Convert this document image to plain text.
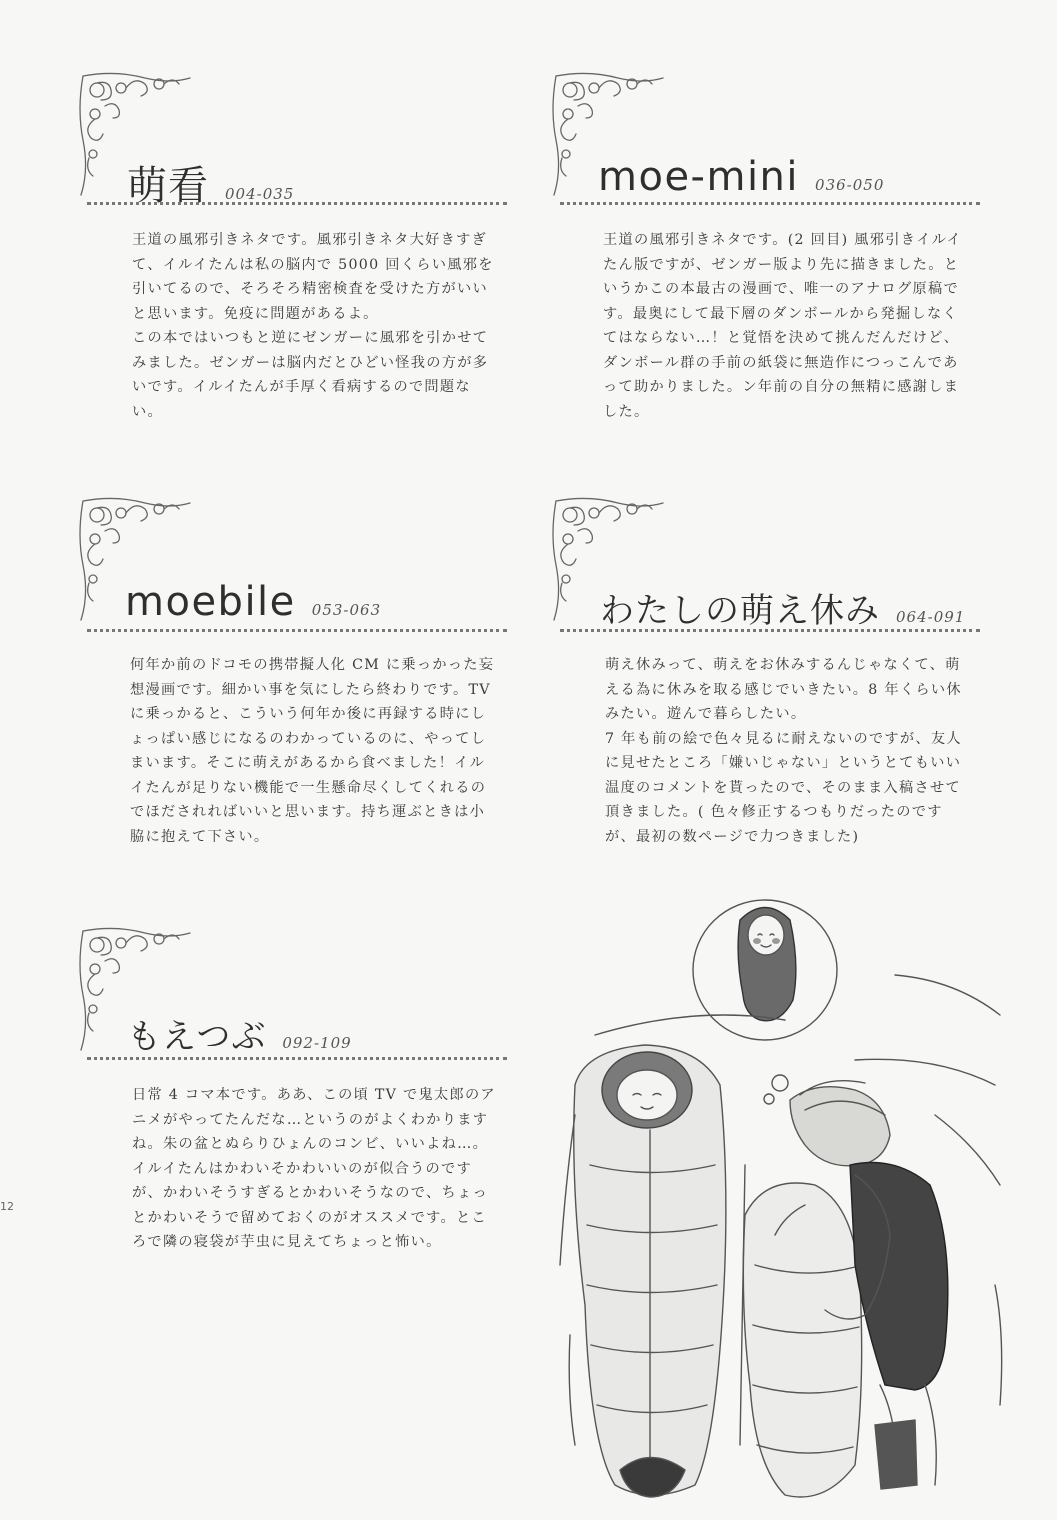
萌看 004-035

王道の風邪引きネタです。風邪引きネタ大好きすぎて、イルイたんは私の脳内で 5000 回くらい風邪を引いてるので、そろそろ精密検査を受けた方がいいと思います。免疫に問題があるよ。

この本ではいつもと逆にゼンガーに風邪を引かせてみました。ゼンガーは脳内だとひどい怪我の方が多いです。イルイたんが手厚く看病するので問題ない。

moe-mini 036-050

王道の風邪引きネタです。(2 回目) 風邪引きイルイたん版ですが、ゼンガー版より先に描きました。というかこの本最古の漫画で、唯一のアナログ原稿です。最奥にして最下層のダンボールから発掘しなくてはならない…！と覚悟を決めて挑んだんだけど、ダンボール群の手前の紙袋に無造作につっこんであって助かりました。ン年前の自分の無精に感謝しました。

moebile 053-063

何年か前のドコモの携帯擬人化 CM に乗っかった妄想漫画です。細かい事を気にしたら終わりです。TV に乗っかると、こういう何年か後に再録する時にしょっぱい感じになるのわかっているのに、やってしまいます。そこに萌えがあるから食べました！イルイたんが足りない機能で一生懸命尽くしてくれるのでほだされればいいと思います。持ち運ぶときは小脇に抱えて下さい。

わたしの萌え休み 064-091

萌え休みって、萌えをお休みするんじゃなくて、萌える為に休みを取る感じでいきたい。8 年くらい休みたい。遊んで暮らしたい。

7 年も前の絵で色々見るに耐えないのですが、友人に見せたところ「嫌いじゃない」というとてもいい温度のコメントを貰ったので、そのまま入稿させて頂きました。( 色々修正するつもりだったのですが、最初の数ページで力つきました)

もえつぶ 092-109

日常 4 コマ本です。ああ、この頃 TV で鬼太郎のアニメがやってたんだな…というのがよくわかりますね。朱の盆とぬらりひょんのコンビ、いいよね…。

イルイたんはかわいそかわいいのが似合うのですが、かわいそうすぎるとかわいそうなので、ちょっとかわいそうで留めておくのがオススメです。ところで隣の寝袋が芋虫に見えてちょっと怖い。

12
